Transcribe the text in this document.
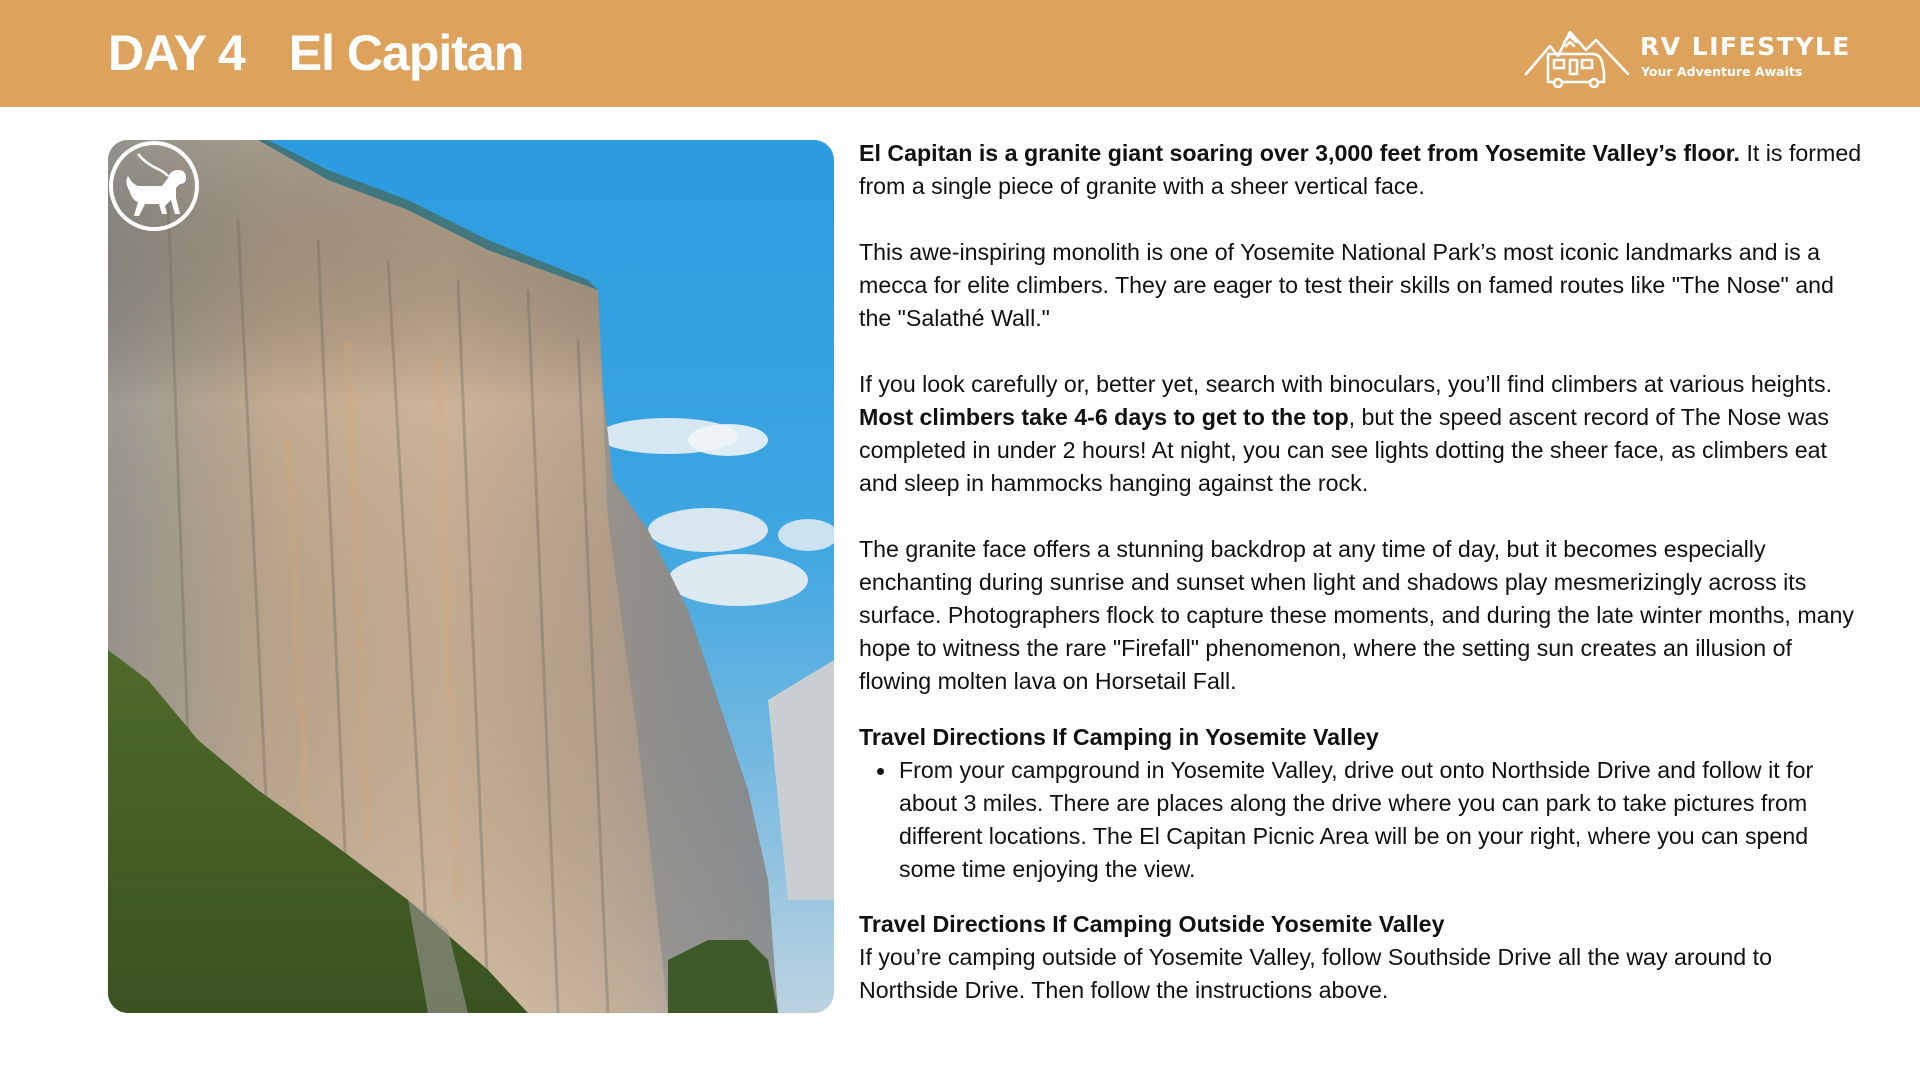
DAY 4 El Capitan	RV LIFESTYLE
Your Adventure Awaits

El Capitan is a granite giant soaring over 3,000 feet from Yosemite Valley’s floor. It is formed from a single piece of granite with a sheer vertical face.

This awe-inspiring monolith is one of Yosemite National Park’s most iconic landmarks and is a mecca for elite climbers. They are eager to test their skills on famed routes like "The Nose" and the "Salathé Wall."

If you look carefully or, better yet, search with binoculars, you’ll find climbers at various heights. Most climbers take 4-6 days to get to the top, but the speed ascent record of The Nose was completed in under 2 hours! At night, you can see lights dotting the sheer face, as climbers eat and sleep in hammocks hanging against the rock.

The granite face offers a stunning backdrop at any time of day, but it becomes especially enchanting during sunrise and sunset when light and shadows play mesmerizingly across its surface. Photographers flock to capture these moments, and during the late winter months, many hope to witness the rare "Firefall" phenomenon, where the setting sun creates an illusion of flowing molten lava on Horsetail Fall.

Travel Directions If Camping in Yosemite Valley
From your campground in Yosemite Valley, drive out onto Northside Drive and follow it for about 3 miles. There are places along the drive where you can park to take pictures from different locations. The El Capitan Picnic Area will be on your right, where you can spend some time enjoying the view.
Travel Directions If Camping Outside Yosemite Valley

If you’re camping outside of Yosemite Valley, follow Southside Drive all the way around to Northside Drive. Then follow the instructions above.
